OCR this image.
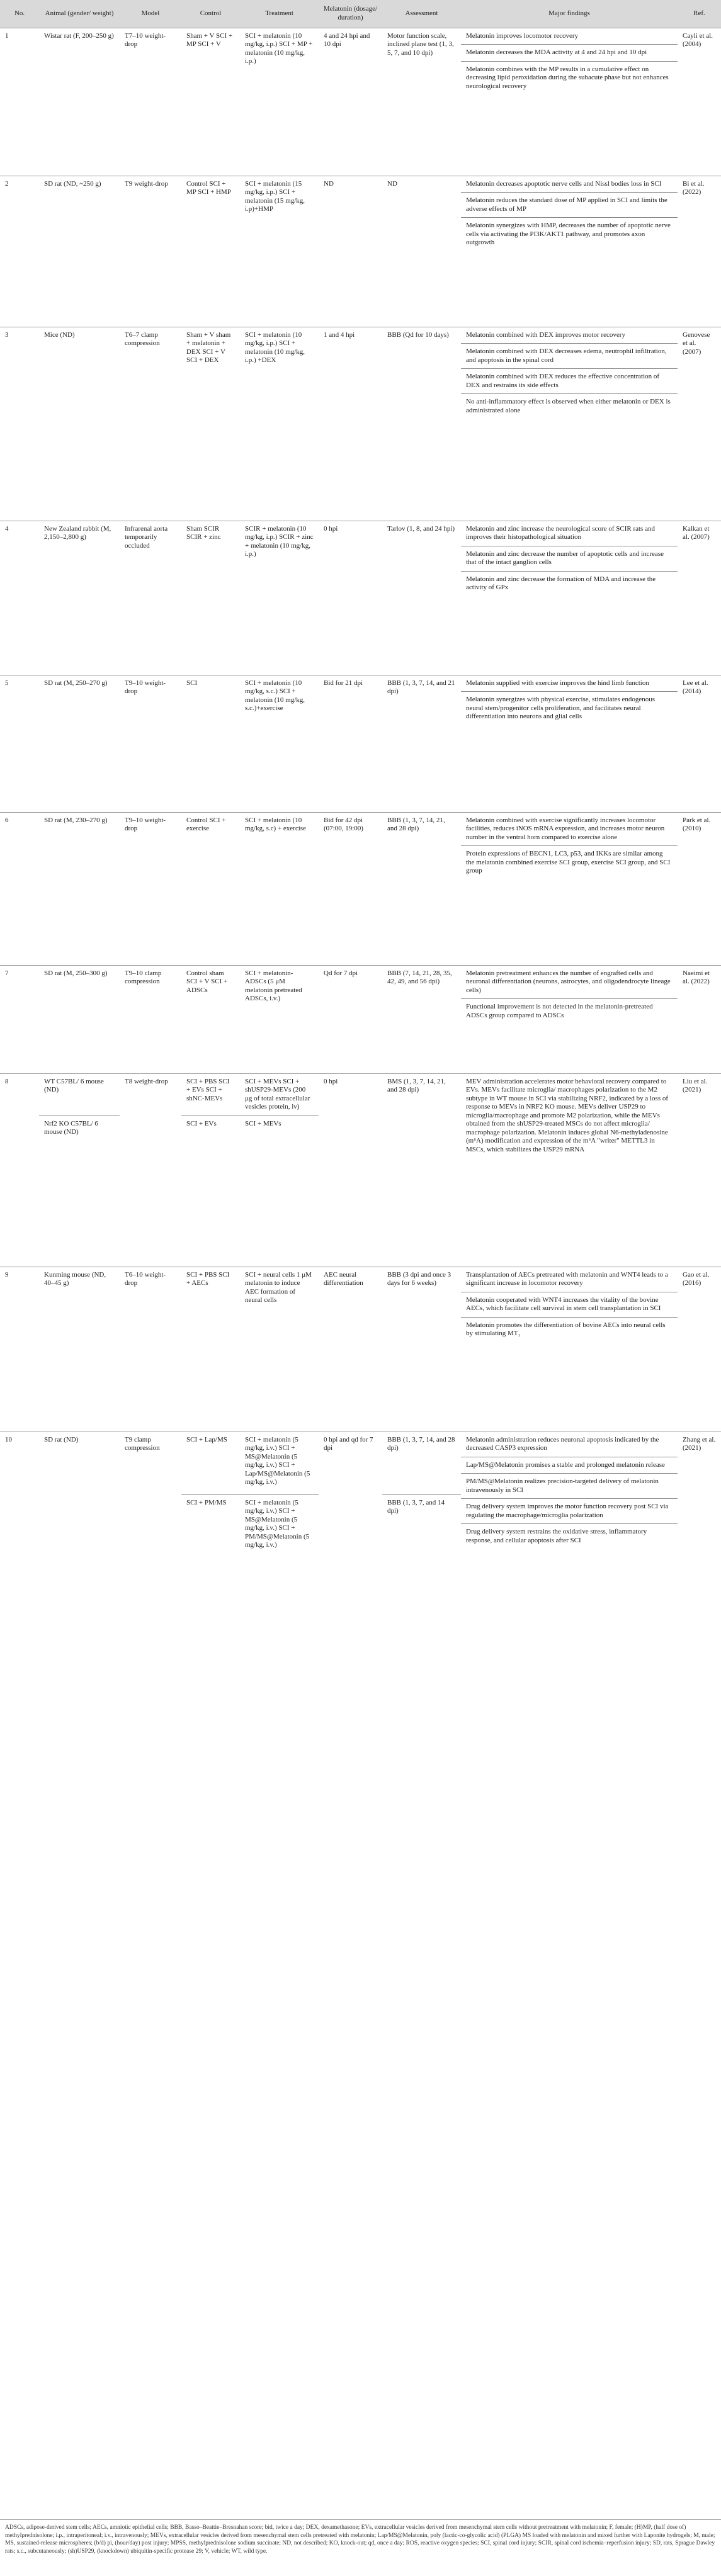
No.	Animal (gender/ weight)	Model	Control	Treatment	Melatonin (dosage/ duration)	Assessment	Major findings	Ref.
1	Wistar rat (F, 200–250 g)	T7–10 weight-drop	Sham + V SCI + MP SCI + V	SCI + melatonin (10 mg/kg, i.p.) SCI + MP + melatonin (10 mg/kg, i.p.)	4 and 24 hpi and 10 dpi	Motor function scale, inclined plane test (1, 3, 5, 7, and 10 dpi)	Melatonin improves locomotor recovery
Melatonin decreases the MDA activity at 4 and 24 hpi and 10 dpi
Melatonin combines with the MP results in a cumulative effect on decreasing lipid peroxidation during the subacute phase but not enhances neurological recovery	Cayli et al. (2004)
2	SD rat (ND, ~250 g)	T9 weight-drop	Control SCI + MP SCI + HMP	SCI + melatonin (15 mg/kg, i.p.) SCI + melatonin (15 mg/kg, i.p)+HMP	ND	ND	Melatonin decreases apoptotic nerve cells and Nissl bodies loss in SCI
Melatonin reduces the standard dose of MP applied in SCI and limits the adverse effects of MP
Melatonin synergizes with HMP, decreases the number of apoptotic nerve cells via activating the PI3K/AKT1 pathway, and promotes axon outgrowth	Bi et al. (2022)
3	Mice (ND)	T6–7 clamp compression	Sham + V sham + melatonin + DEX SCI + V SCI + DEX	SCI + melatonin (10 mg/kg, i.p.) SCI + melatonin (10 mg/kg, i.p.) +DEX	1 and 4 hpi	BBB (Qd for 10 days)	Melatonin combined with DEX improves motor recovery
Melatonin combined with DEX decreases edema, neutrophil infiltration, and apoptosis in the spinal cord
Melatonin combined with DEX reduces the effective concentration of DEX and restrains its side effects
No anti-inflammatory effect is observed when either melatonin or DEX is administrated alone	Genovese et al. (2007)
4	New Zealand rabbit (M, 2,150–2,800 g)	Infrarenal aorta temporarily occluded	Sham SCIR SCIR + zinc	SCIR + melatonin (10 mg/kg, i.p.) SCIR + zinc + melatonin (10 mg/kg, i.p.)	0 hpi	Tarlov (1, 8, and 24 hpi)	Melatonin and zinc increase the neurological score of SCIR rats and improves their histopathological situation
Melatonin and zinc decrease the number of apoptotic cells and increase that of the intact ganglion cells
Melatonin and zinc decrease the formation of MDA and increase the activity of GPx	Kalkan et al. (2007)
5	SD rat (M, 250–270 g)	T9–10 weight-drop	SCI	SCI + melatonin (10 mg/kg, s.c.) SCI + melatonin (10 mg/kg, s.c.)+exercise	Bid for 21 dpi	BBB (1, 3, 7, 14, and 21 dpi)	Melatonin supplied with exercise improves the hind limb function
Melatonin synergizes with physical exercise, stimulates endogenous neural stem/progenitor cells proliferation, and facilitates neural differentiation into neurons and glial cells	Lee et al. (2014)
6	SD rat (M, 230–270 g)	T9–10 weight-drop	Control SCI + exercise	SCI + melatonin (10 mg/kg, s.c) + exercise	Bid for 42 dpi (07:00, 19:00)	BBB (1, 3, 7, 14, 21, and 28 dpi)	Melatonin combined with exercise significantly increases locomotor facilities, reduces iNOS mRNA expression, and increases motor neuron number in the ventral horn compared to exercise alone
Protein expressions of BECN1, LC3, p53, and IKKs are similar among the melatonin combined exercise SCI group, exercise SCI group, and SCI group	Park et al. (2010)
7	SD rat (M, 250–300 g)	T9–10 clamp compression	Control sham SCI + V SCI + ADSCs	SCI + melatonin-ADSCs (5 μM melatonin pretreated ADSCs, i.v.)	Qd for 7 dpi	BBB (7, 14, 21, 28, 35, 42, 49, and 56 dpi)	Melatonin pretreatment enhances the number of engrafted cells and neuronal differentiation (neurons, astrocytes, and oligodendrocyte lineage cells)
Functional improvement is not detected in the melatonin-pretreated ADSCs group compared to ADSCs	Naeimi et al. (2022)
8	WT C57BL/ 6 mouse (ND)	T8 weight-drop	SCI + PBS SCI + EVs SCI + shNC-MEVs	SCI + MEVs SCI + shUSP29-MEVs (200 μg of total extracellular vesicles protein, iv)	0 hpi	BMS (1, 3, 7, 14, 21, and 28 dpi)	MEV administration accelerates motor behavioral recovery compared to EVs. MEVs facilitate microglia/ macrophages polarization to the M2 subtype in WT mouse in SCI via stabilizing NRF2, indicated by a loss of response to MEVs in NRF2 KO mouse. MEVs deliver USP29 to microglia/macrophage and promote M2 polarization, while the MEVs obtained from the shUSP29-treated MSCs do not affect microglia/ macrophage polarization. Melatonin induces global N6-methyladenosine (m⁶A) modification and expression of the m⁶A "writer" METTL3 in MSCs, which stabilizes the USP29 mRNA	Liu et al. (2021)
	Nrf2 KO C57BL/ 6 mouse (ND)		SCI + EVs	SCI + MEVs				
9	Kunming mouse (ND, 40–45 g)	T6–10 weight-drop	SCI + PBS SCI + AECs	SCI + neural cells 1 μM melatonin to induce AEC formation of neural cells	AEC neural differentiation	BBB (3 dpi and once 3 days for 6 weeks)	Transplantation of AECs pretreated with melatonin and WNT4 leads to a significant increase in locomotor recovery
Melatonin cooperated with WNT4 increases the vitality of the bovine AECs, which facilitate cell survival in stem cell transplantation in SCI
Melatonin promotes the differentiation of bovine AECs into neural cells by stimulating MT₁	Gao et al. (2016)
10	SD rat (ND)	T9 clamp compression	SCI + Lap/MS	SCI + melatonin (5 mg/kg, i.v.) SCI + MS@Melatonin (5 mg/kg, i.v.) SCI + Lap/MS@Melatonin (5 mg/kg, i.v.)	0 hpi and qd for 7 dpi	BBB (1, 3, 7, 14, and 28 dpi)	Melatonin administration reduces neuronal apoptosis indicated by the decreased CASP3 expression
Lap/MS@Melatonin promises a stable and prolonged melatonin release
PM/MS@Melatonin realizes precision-targeted delivery of melatonin intravenously in SCI
Drug delivery system improves the motor function recovery post SCI via regulating the macrophage/microglia polarization
Drug delivery system restrains the oxidative stress, inflammatory response, and cellular apoptosis after SCI	Zhang et al. (2021)
			SCI + PM/MS	SCI + melatonin (5 mg/kg, i.v.) SCI + MS@Melatonin (5 mg/kg, i.v.) SCI + PM/MS@Melatonin (5 mg/kg, i.v.)		BBB (1, 3, 7, and 14 dpi)		
ADSCs, adipose-derived stem cells; AECs, amniotic epithelial cells; BBB, Basso–Beattie–Bresnahan score; bid, twice a day; DEX, dexamethasone; EVs, extracellular vesicles derived from mesenchymal stem cells without pretreatment with melatonin; F, female; (H)MP, (half dose of) methylprednisolone; i.p., intraperitoneal; i.v., intravenously; MEVs, extracellular vesicles derived from mesenchymal stem cells pretreated with melatonin; Lap/MS@Melatonin, poly (lactic-co-glycolic acid) (PLGA) MS loaded with melatonin and mixed further with Laponite hydrogels; M, male; MS, sustained-release microspheres; (b/d) pi, (hour/day) post injury; MPSS, methylprednisolone sodium succinate; ND, not described; KO, knock-out; qd, once a day; ROS, reactive oxygen species; SCI, spinal cord injury; SCIR, spinal cord ischemia–reperfusion injury; SD, rats, Sprague Dawley rats; s.c., subcutaneously; (sh)USP29, (knockdown) ubiquitin-specific protease 29; V, vehicle; WT, wild type.
